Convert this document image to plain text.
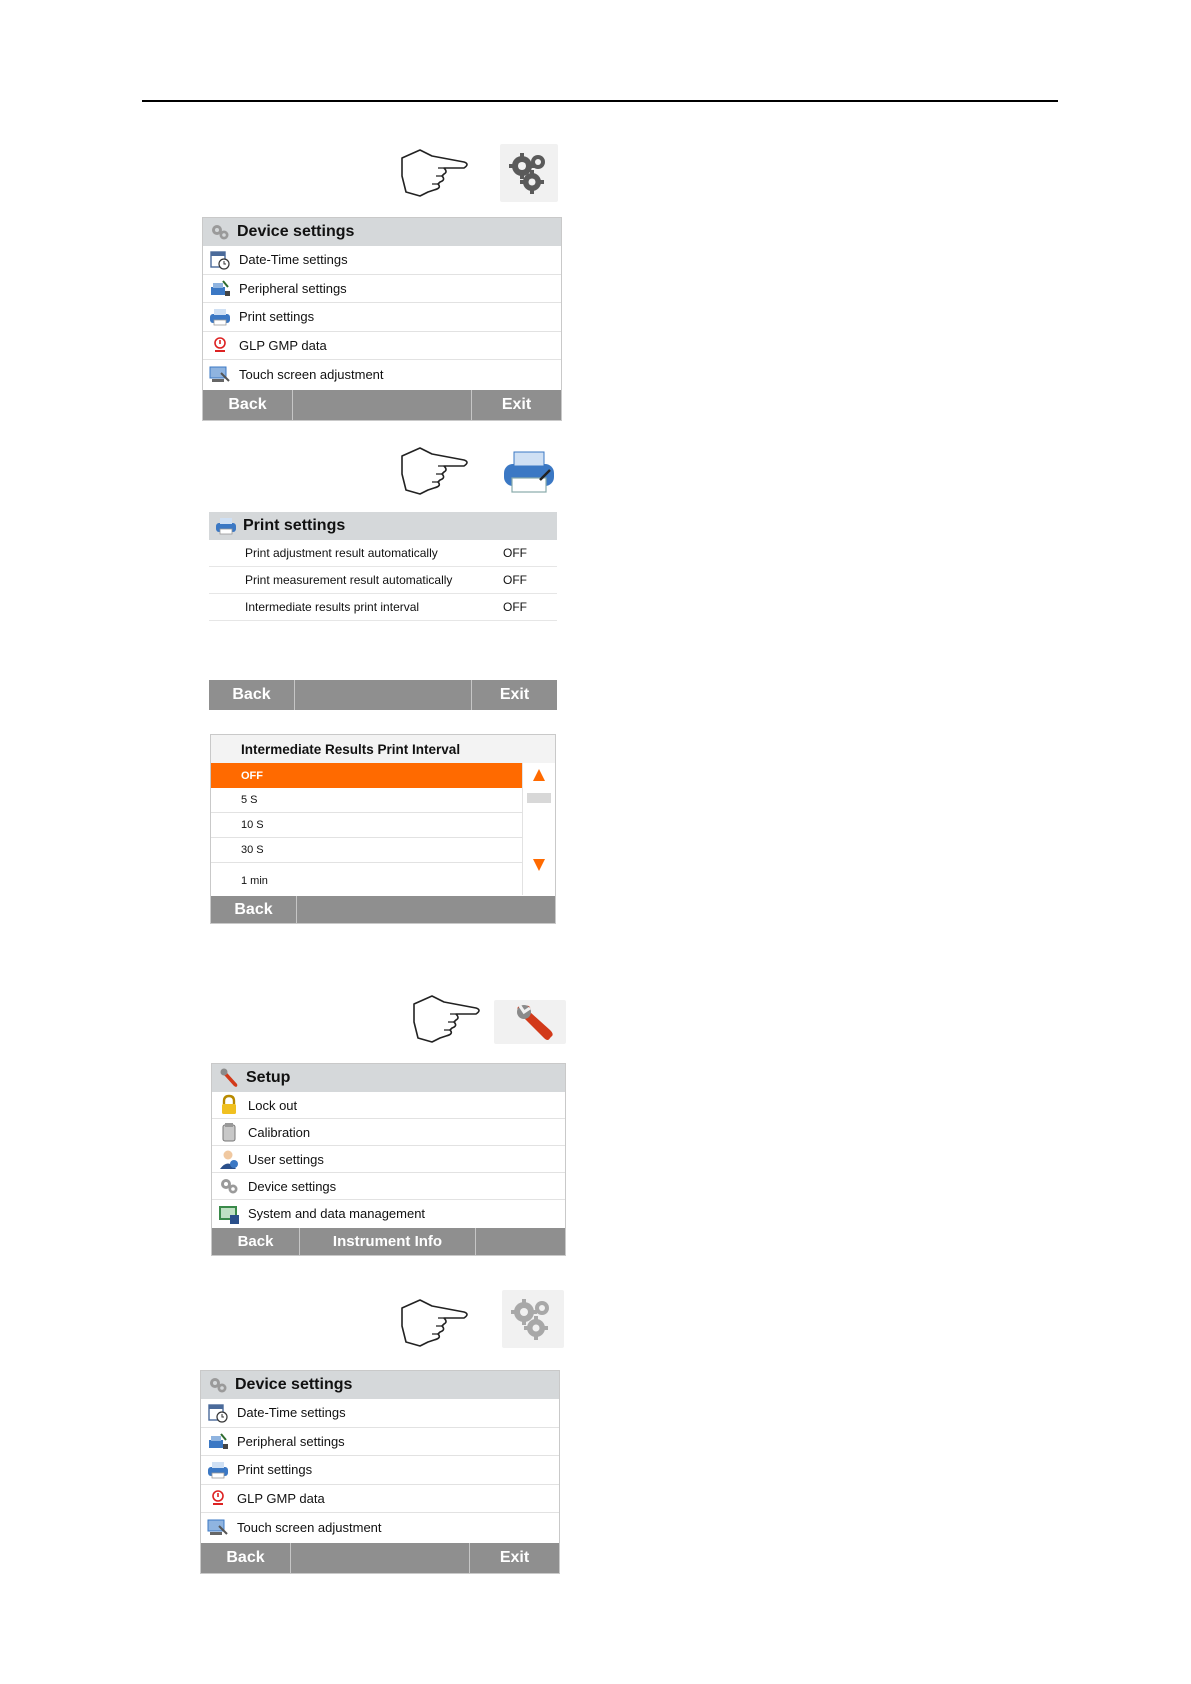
Device settings
Date-Time settings
Peripheral settings
Print settings
GLP GMP data
Touch screen adjustment
Back	Exit
Print settings
Print adjustment result automatically	OFF
Print measurement result automatically	OFF
Intermediate results print interval	OFF
Back	Exit
Intermediate Results Print Interval
OFF
5 S
10 S
30 S
1 min
Back
Setup
Lock out
Calibration
User settings
Device settings
System and data management
Back	Instrument Info
Device settings
Date-Time settings
Peripheral settings
Print settings
GLP GMP data
Touch screen adjustment
Back	Exit
